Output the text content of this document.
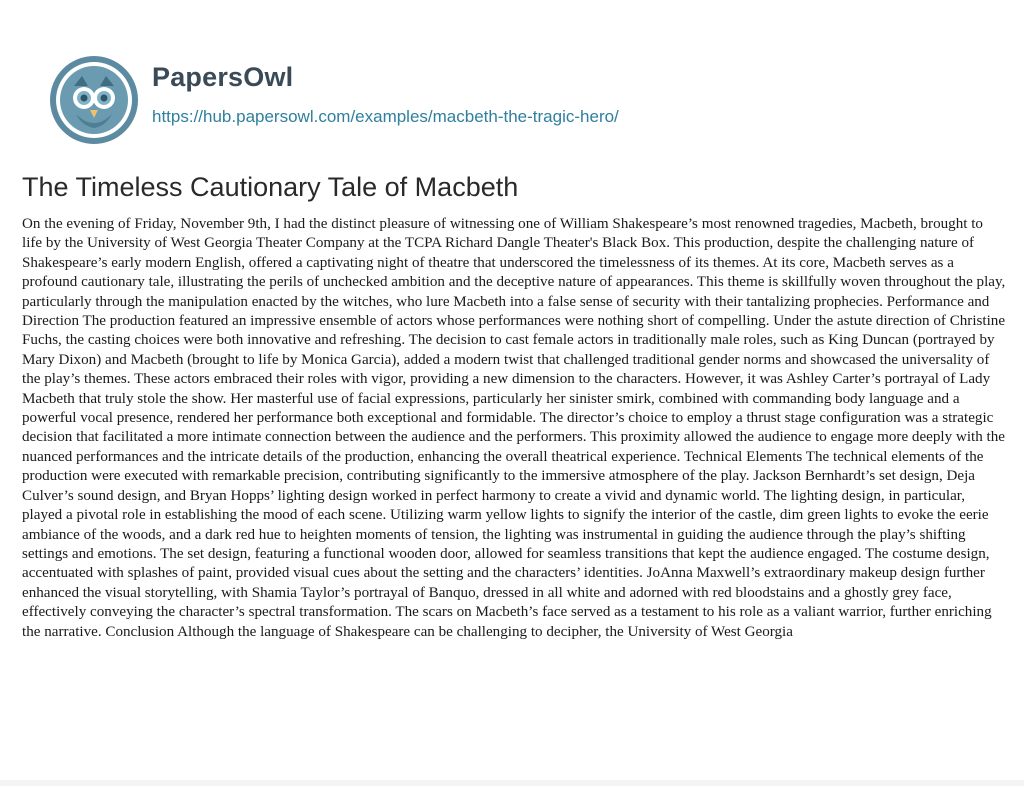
PapersOwl
https://hub.papersowl.com/examples/macbeth-the-tragic-hero/
The Timeless Cautionary Tale of Macbeth

On the evening of Friday, November 9th, I had the distinct pleasure of witnessing one of William Shakespeare’s most renowned tragedies, Macbeth, brought to life by the University of West Georgia Theater Company at the TCPA Richard Dangle Theater's Black Box. This production, despite the challenging nature of Shakespeare’s early modern English, offered a captivating night of theatre that underscored the timelessness of its themes. At its core, Macbeth serves as a profound cautionary tale, illustrating the perils of unchecked ambition and the deceptive nature of appearances. This theme is skillfully woven throughout the play, particularly through the manipulation enacted by the witches, who lure Macbeth into a false sense of security with their tantalizing prophecies. Performance and Direction The production featured an impressive ensemble of actors whose performances were nothing short of compelling. Under the astute direction of Christine Fuchs, the casting choices were both innovative and refreshing. The decision to cast female actors in traditionally male roles, such as King Duncan (portrayed by Mary Dixon) and Macbeth (brought to life by Monica Garcia), added a modern twist that challenged traditional gender norms and showcased the universality of the play’s themes. These actors embraced their roles with vigor, providing a new dimension to the characters. However, it was Ashley Carter’s portrayal of Lady Macbeth that truly stole the show. Her masterful use of facial expressions, particularly her sinister smirk, combined with commanding body language and a powerful vocal presence, rendered her performance both exceptional and formidable. The director’s choice to employ a thrust stage configuration was a strategic decision that facilitated a more intimate connection between the audience and the performers. This proximity allowed the audience to engage more deeply with the nuanced performances and the intricate details of the production, enhancing the overall theatrical experience. Technical Elements The technical elements of the production were executed with remarkable precision, contributing significantly to the immersive atmosphere of the play. Jackson Bernhardt’s set design, Deja Culver’s sound design, and Bryan Hopps’ lighting design worked in perfect harmony to create a vivid and dynamic world. The lighting design, in particular, played a pivotal role in establishing the mood of each scene. Utilizing warm yellow lights to signify the interior of the castle, dim green lights to evoke the eerie ambiance of the woods, and a dark red hue to heighten moments of tension, the lighting was instrumental in guiding the audience through the play’s shifting settings and emotions. The set design, featuring a functional wooden door, allowed for seamless transitions that kept the audience engaged. The costume design, accentuated with splashes of paint, provided visual cues about the setting and the characters’ identities. JoAnna Maxwell’s extraordinary makeup design further enhanced the visual storytelling, with Shamia Taylor’s portrayal of Banquo, dressed in all white and adorned with red bloodstains and a ghostly grey face, effectively conveying the character’s spectral transformation. The scars on Macbeth’s face served as a testament to his role as a valiant warrior, further enriching the narrative. Conclusion Although the language of Shakespeare can be challenging to decipher, the University of West Georgia
